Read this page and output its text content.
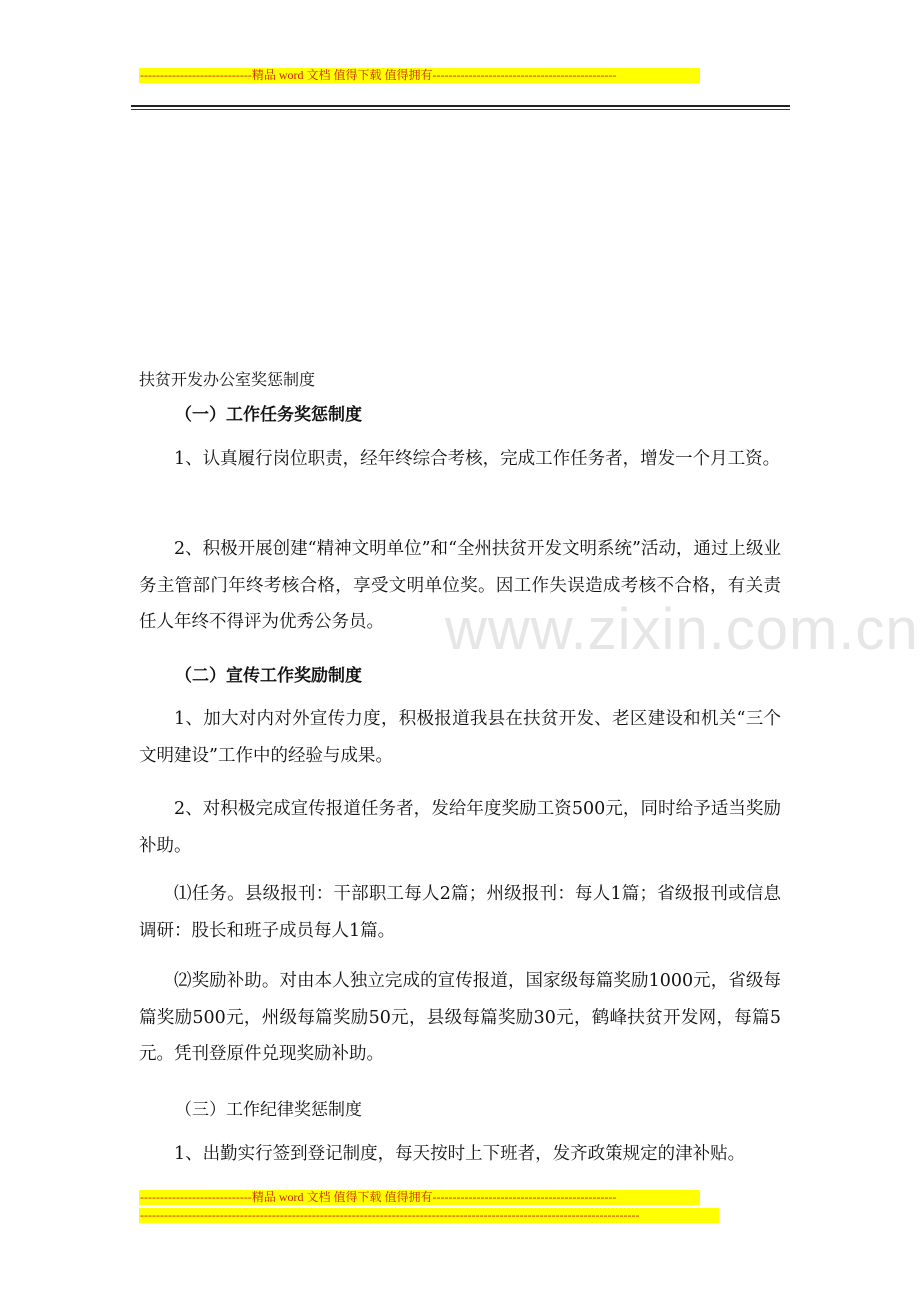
----------------------------精品 word 文档 值得下载 值得拥有----------------------------------------------
www.zixin.com.cn
扶贫开发办公室奖惩制度
（一）工作任务奖惩制度
1、认真履行岗位职责，经年终综合考核，完成工作任务者，增发一个月工资。
2、积极开展创建“精神文明单位”和“全州扶贫开发文明系统”活动，通过上级业务主管部门年终考核合格，享受文明单位奖。因工作失误造成考核不合格，有关责任人年终不得评为优秀公务员。
（二）宣传工作奖励制度
1、加大对内对外宣传力度，积极报道我县在扶贫开发、老区建设和机关“三个文明建设”工作中的经验与成果。
2、对积极完成宣传报道任务者，发给年度奖励工资500元，同时给予适当奖励补助。
⑴任务。县级报刊：干部职工每人2篇；州级报刊：每人1篇；省级报刊或信息调研：股长和班子成员每人1篇。
⑵奖励补助。对由本人独立完成的宣传报道，国家级每篇奖励1000元，省级每篇奖励500元，州级每篇奖励50元，县级每篇奖励30元，鹤峰扶贫开发网，每篇5元。凭刊登原件兑现奖励补助。
（三）工作纪律奖惩制度
1、出勤实行签到登记制度，每天按时上下班者，发齐政策规定的津补贴。
----------------------------精品 word 文档 值得下载 值得拥有----------------------------------------------
-----------------------------------------------------------------------------------------------------------------------------
